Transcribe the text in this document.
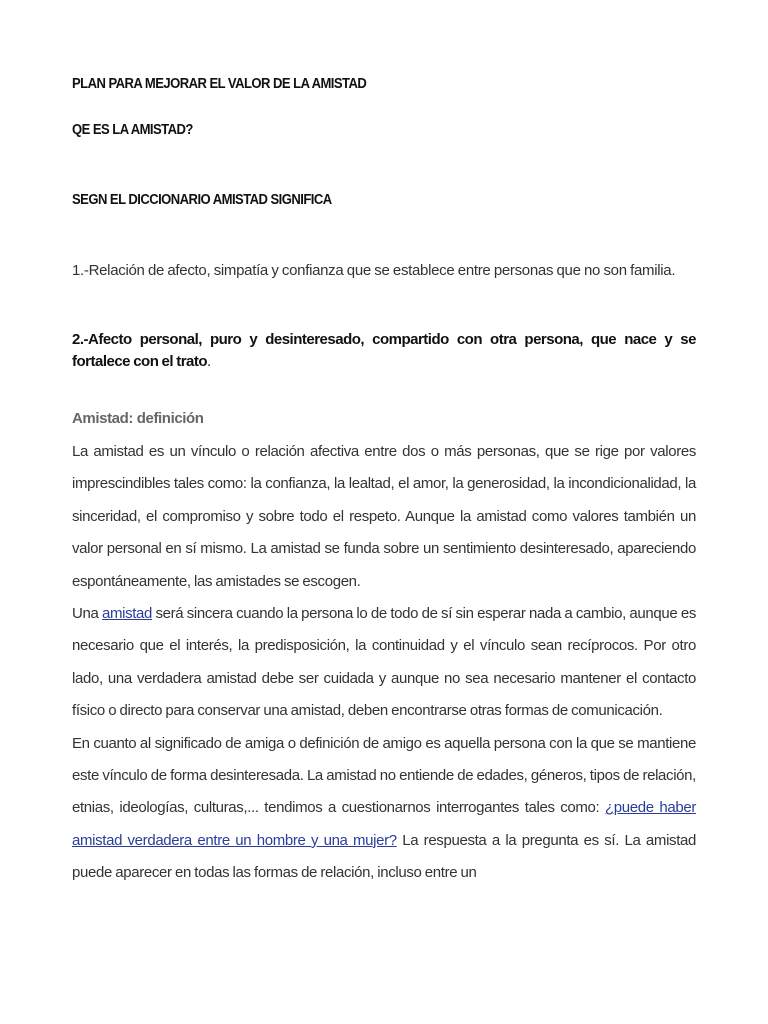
PLAN PARA MEJORAR EL VALOR DE LA AMISTAD
QE ES LA AMISTAD?
SEGN EL DICCIONARIO AMISTAD SIGNIFICA
1.-Relación de afecto, simpatía y confianza que se establece entre personas que no son familia.
2.-Afecto personal, puro y desinteresado, compartido con otra persona, que nace y se fortalece con el trato.
Amistad: definición

La amistad es un vínculo o relación afectiva entre dos o más personas, que se rige por valores imprescindibles tales como: la confianza, la lealtad, el amor, la generosidad, la incondicionalidad, la sinceridad, el compromiso y sobre todo el respeto. Aunque la amistad como valores también un valor personal en sí mismo. La amistad se funda sobre un sentimiento desinteresado, apareciendo espontáneamente, las amistades se escogen.

Una amistad será sincera cuando la persona lo de todo de sí sin esperar nada a cambio, aunque es necesario que el interés, la predisposición, la continuidad y el vínculo sean recíprocos. Por otro lado, una verdadera amistad debe ser cuidada y aunque no sea necesario mantener el contacto físico o directo para conservar una amistad, deben encontrarse otras formas de comunicación.

En cuanto al significado de amiga o definición de amigo es aquella persona con la que se mantiene este vínculo de forma desinteresada. La amistad no entiende de edades, géneros, tipos de relación, etnias, ideologías, culturas,... tendimos a cuestionarnos interrogantes tales como: ¿puede haber amistad verdadera entre un hombre y una mujer? La respuesta a la pregunta es sí. La amistad puede aparecer en todas las formas de relación, incluso entre un
